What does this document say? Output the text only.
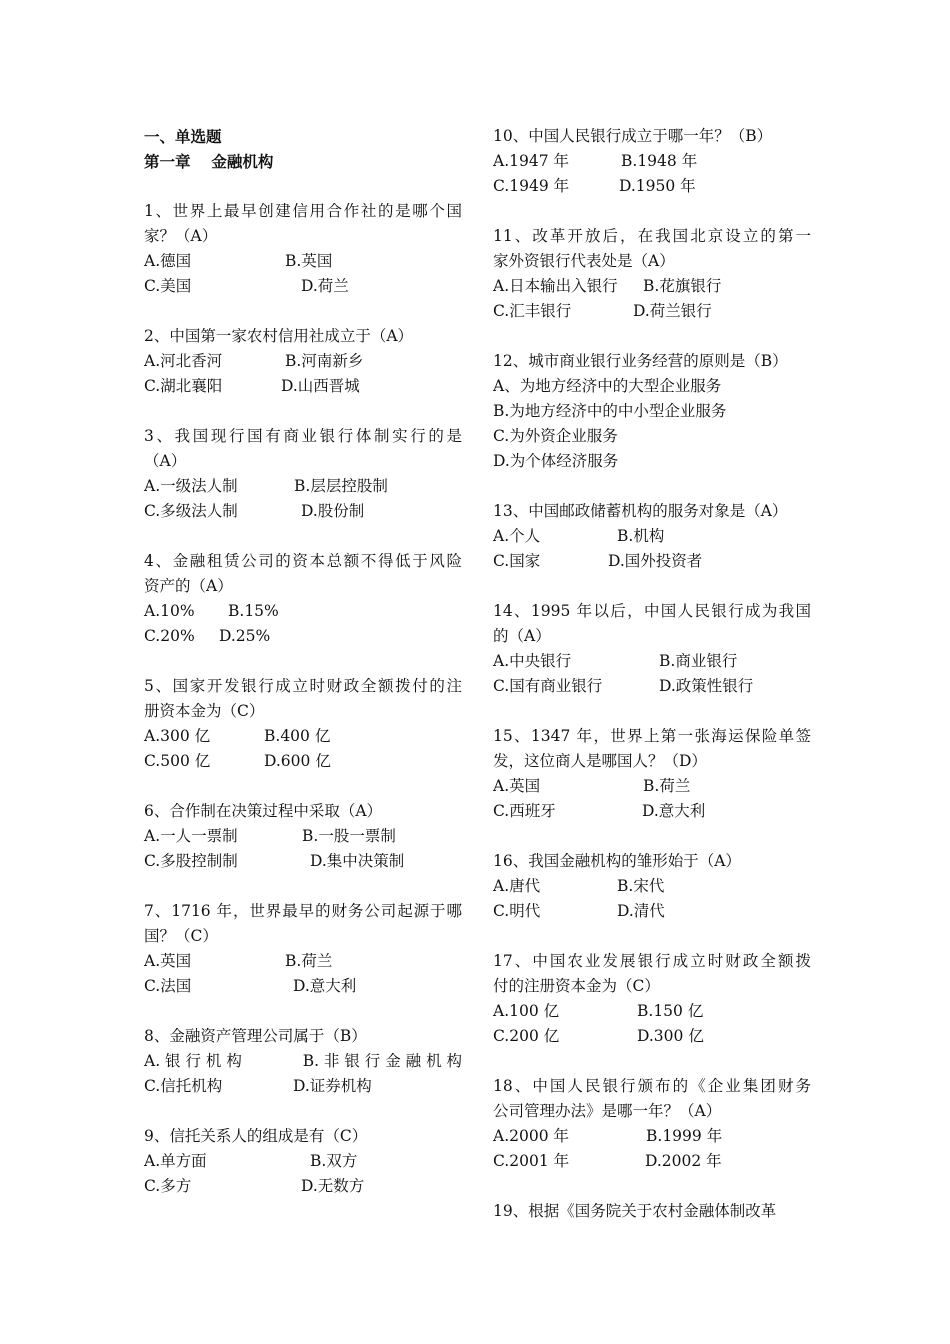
一、单选题
第一章　 金融机构
1、世界上最早创建信用合作社的是哪个国
家？（A）
A.德国	B.英国
C.美国	D.荷兰
2、中国第一家农村信用社成立于（A）
A.河北香河	B.河南新乡
C.湖北襄阳	D.山西晋城
3、我国现行国有商业银行体制实行的是
（A）
A.一级法人制	B.层层控股制
C.多级法人制	D.股份制
4、金融租赁公司的资本总额不得低于风险
资产的（A）
A.10% B.15%
C.20% D.25%
5、国家开发银行成立时财政全额拨付的注
册资本金为（C）
A.300 亿	B.400 亿
C.500 亿	D.600 亿
6、合作制在决策过程中采取（A）
A.一人一票制	B.一股一票制
C.多股控制制	D.集中决策制
7、1716 年，世界最早的财务公司起源于哪
国？（C）
A.英国	B.荷兰
C.法国	D.意大利
8、金融资产管理公司属于（B）
A. 银 行 机 构	B. 非 银 行 金 融 机 构
C.信托机构	D.证券机构
9、信托关系人的组成是有（C）
A.单方面	B.双方
C.多方	D.无数方
10、中国人民银行成立于哪一年？（B）
A.1947 年	B.1948 年
C.1949 年	D.1950 年
11、改革开放后，在我国北京设立的第一
家外资银行代表处是（A）
A.日本输出入银行 B.花旗银行
C.汇丰银行	D.荷兰银行
12、城市商业银行业务经营的原则是（B）
A、为地方经济中的大型企业服务
B.为地方经济中的中小型企业服务
C.为外资企业服务
D.为个体经济服务
13、中国邮政储蓄机构的服务对象是（A）
A.个人	B.机构
C.国家	D.国外投资者
14、1995 年以后，中国人民银行成为我国
的（A）
A.中央银行	B.商业银行
C.国有商业银行	D.政策性银行
15、1347 年，世界上第一张海运保险单签
发，这位商人是哪国人？（D）
A.英国	B.荷兰
C.西班牙	D.意大利
16、我国金融机构的雏形始于（A）
A.唐代	B.宋代
C.明代	D.清代
17、中国农业发展银行成立时财政全额拨
付的注册资本金为（C）
A.100 亿	B.150 亿
C.200 亿	D.300 亿
18、中国人民银行颁布的《企业集团财务
公司管理办法》是哪一年？（A）
A.2000 年	B.1999 年
C.2001 年	D.2002 年
19、根据《国务院关于农村金融体制改革
